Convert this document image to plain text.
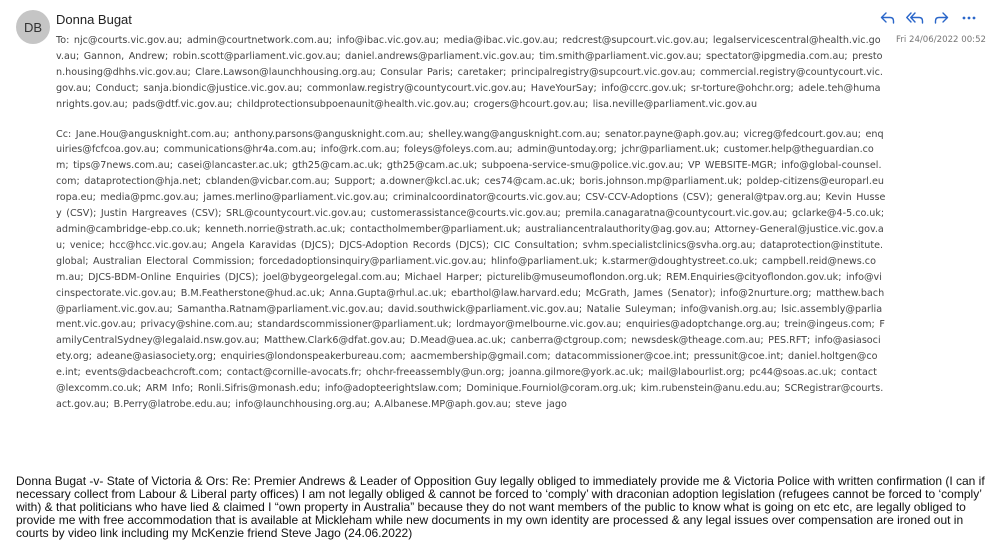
DB Donna Bugat
Fri 24/06/2022 00:52

To: njc@courts.vic.gov.au; admin@courtnetwork.com.au; info@ibac.vic.gov.au; media@ibac.vic.gov.au; redcrest@supcourt.vic.gov.au; legalservicescentral@health.vic.gov.au; Gannon, Andrew; robin.scott@parliament.vic.gov.au; daniel.andrews@parliament.vic.gov.au; tim.smith@parliament.vic.gov.au; spectator@ipgmedia.com.au; preston.housing@dhhs.vic.gov.au; Clare.Lawson@launchhousing.org.au; Consular Paris; caretaker; principalregistry@supcourt.vic.gov.au; commercial.registry@countycourt.vic.gov.au; Conduct; sanja.biondic@justice.vic.gov.au; commonlaw.registry@countycourt.vic.gov.au; HaveYourSay; info@ccrc.gov.uk; sr-torture@ohchr.org; adele.teh@humanrights.gov.au; pads@dtf.vic.gov.au; childprotectionsubpoenaunit@health.vic.gov.au; crogers@hcourt.gov.au; lisa.neville@parliament.vic.gov.au

Cc: Jane.Hou@angusknight.com.au; anthony.parsons@angusknight.com.au; shelley.wang@angusknight.com.au; senator.payne@aph.gov.au; vicreg@fedcourt.gov.au; enquiries@fcfcoa.gov.au; communications@hr4a.com.au; info@rk.com.au; foleys@foleys.com.au; admin@untoday.org; jchr@parliament.uk; customer.help@theguardian.com; tips@7news.com.au; casei@lancaster.ac.uk; gth25@cam.ac.uk; gth25@cam.ac.uk; subpoena-service-smu@police.vic.gov.au; VP WEBSITE-MGR; info@global-counsel.com; dataprotection@hja.net; cblanden@vicbar.com.au; Support; a.downer@kcl.ac.uk; ces74@cam.ac.uk; boris.johnson.mp@parliament.uk; poldep-citizens@europarl.europa.eu; media@pmc.gov.au; james.merlino@parliament.vic.gov.au; criminalcoordinator@courts.vic.gov.au; CSV-CCV-Adoptions (CSV); general@tpav.org.au; Kevin Hussey (CSV); Justin Hargreaves (CSV); SRL@countycourt.vic.gov.au; customerassistance@courts.vic.gov.au; premila.canagaratna@countycourt.vic.gov.au; gclarke@4-5.co.uk; admin@cambridge-ebp.co.uk; kenneth.norrie@strath.ac.uk; contactholmember@parliament.uk; australiancentralauthority@ag.gov.au; Attorney-General@justice.vic.gov.au; venice; hcc@hcc.vic.gov.au; Angela Karavidas (DJCS); DJCS-Adoption Records (DJCS); CIC Consultation; svhm.specialistclinics@svha.org.au; dataprotection@institute.global; Australian Electoral Commission; forcedadoptionsinquiry@parliament.vic.gov.au; hlinfo@parliament.uk; k.starmer@doughtystreet.co.uk; campbell.reid@news.com.au; DJCS-BDM-Online Enquiries (DJCS); joel@bygeorgelegal.com.au; Michael Harper; picturelib@museumoflondon.org.uk; REM.Enquiries@cityoflondon.gov.uk; info@vicinspectorate.vic.gov.au; B.M.Featherstone@hud.ac.uk; Anna.Gupta@rhul.ac.uk; ebarthol@law.harvard.edu; McGrath, James (Senator); info@2nurture.org; matthew.bach@parliament.vic.gov.au; Samantha.Ratnam@parliament.vic.gov.au; david.southwick@parliament.vic.gov.au; Natalie Suleyman; info@vanish.org.au; lsic.assembly@parliament.vic.gov.au; privacy@shine.com.au; standardscommissioner@parliament.uk; lordmayor@melbourne.vic.gov.au; enquiries@adoptchange.org.au; trein@ingeus.com; FamilyCentralSydney@legalaid.nsw.gov.au; Matthew.Clark6@dfat.gov.au; D.Mead@uea.ac.uk; canberra@ctgroup.com; newsdesk@theage.com.au; PES.RFT; info@asiasociety.org; adeane@asiasociety.org; enquiries@londonspeakerbureau.com; aacmembership@gmail.com; datacommissioner@coe.int; pressunit@coe.int; daniel.holtgen@coe.int; events@dacbeachcroft.com; contact@cornille-avocats.fr; ohchr-freeassembly@un.org; joanna.gilmore@york.ac.uk; mail@labourlist.org; pc44@soas.ac.uk; contact@lexcomm.co.uk; ARM Info; Ronli.Sifris@monash.edu; info@adopteerightslaw.com; Dominique.Fourniol@coram.org.uk; kim.rubenstein@anu.edu.au; SCRegistrar@courts.act.gov.au; B.Perry@latrobe.edu.au; info@launchhousing.org.au; A.Albanese.MP@aph.gov.au; steve jago

Donna Bugat -v- State of Victoria & Ors: Re: Premier Andrews & Leader of Opposition Guy legally obliged to immediately provide me & Victoria Police with written confirmation (I can if necessary collect from Labour & Liberal party offices) I am not legally obliged & cannot be forced to ‘comply’ with draconian adoption legislation (refugees cannot be forced to ‘comply’ with) & that politicians who have lied & claimed I “own property in Australia” because they do not want members of the public to know what is going on etc etc, are legally obliged to provide me with free accommodation that is available at Mickleham while new documents in my own identity are processed & any legal issues over compensation are ironed out in courts by video link including my McKenzie friend Steve Jago (24.06.2022)
